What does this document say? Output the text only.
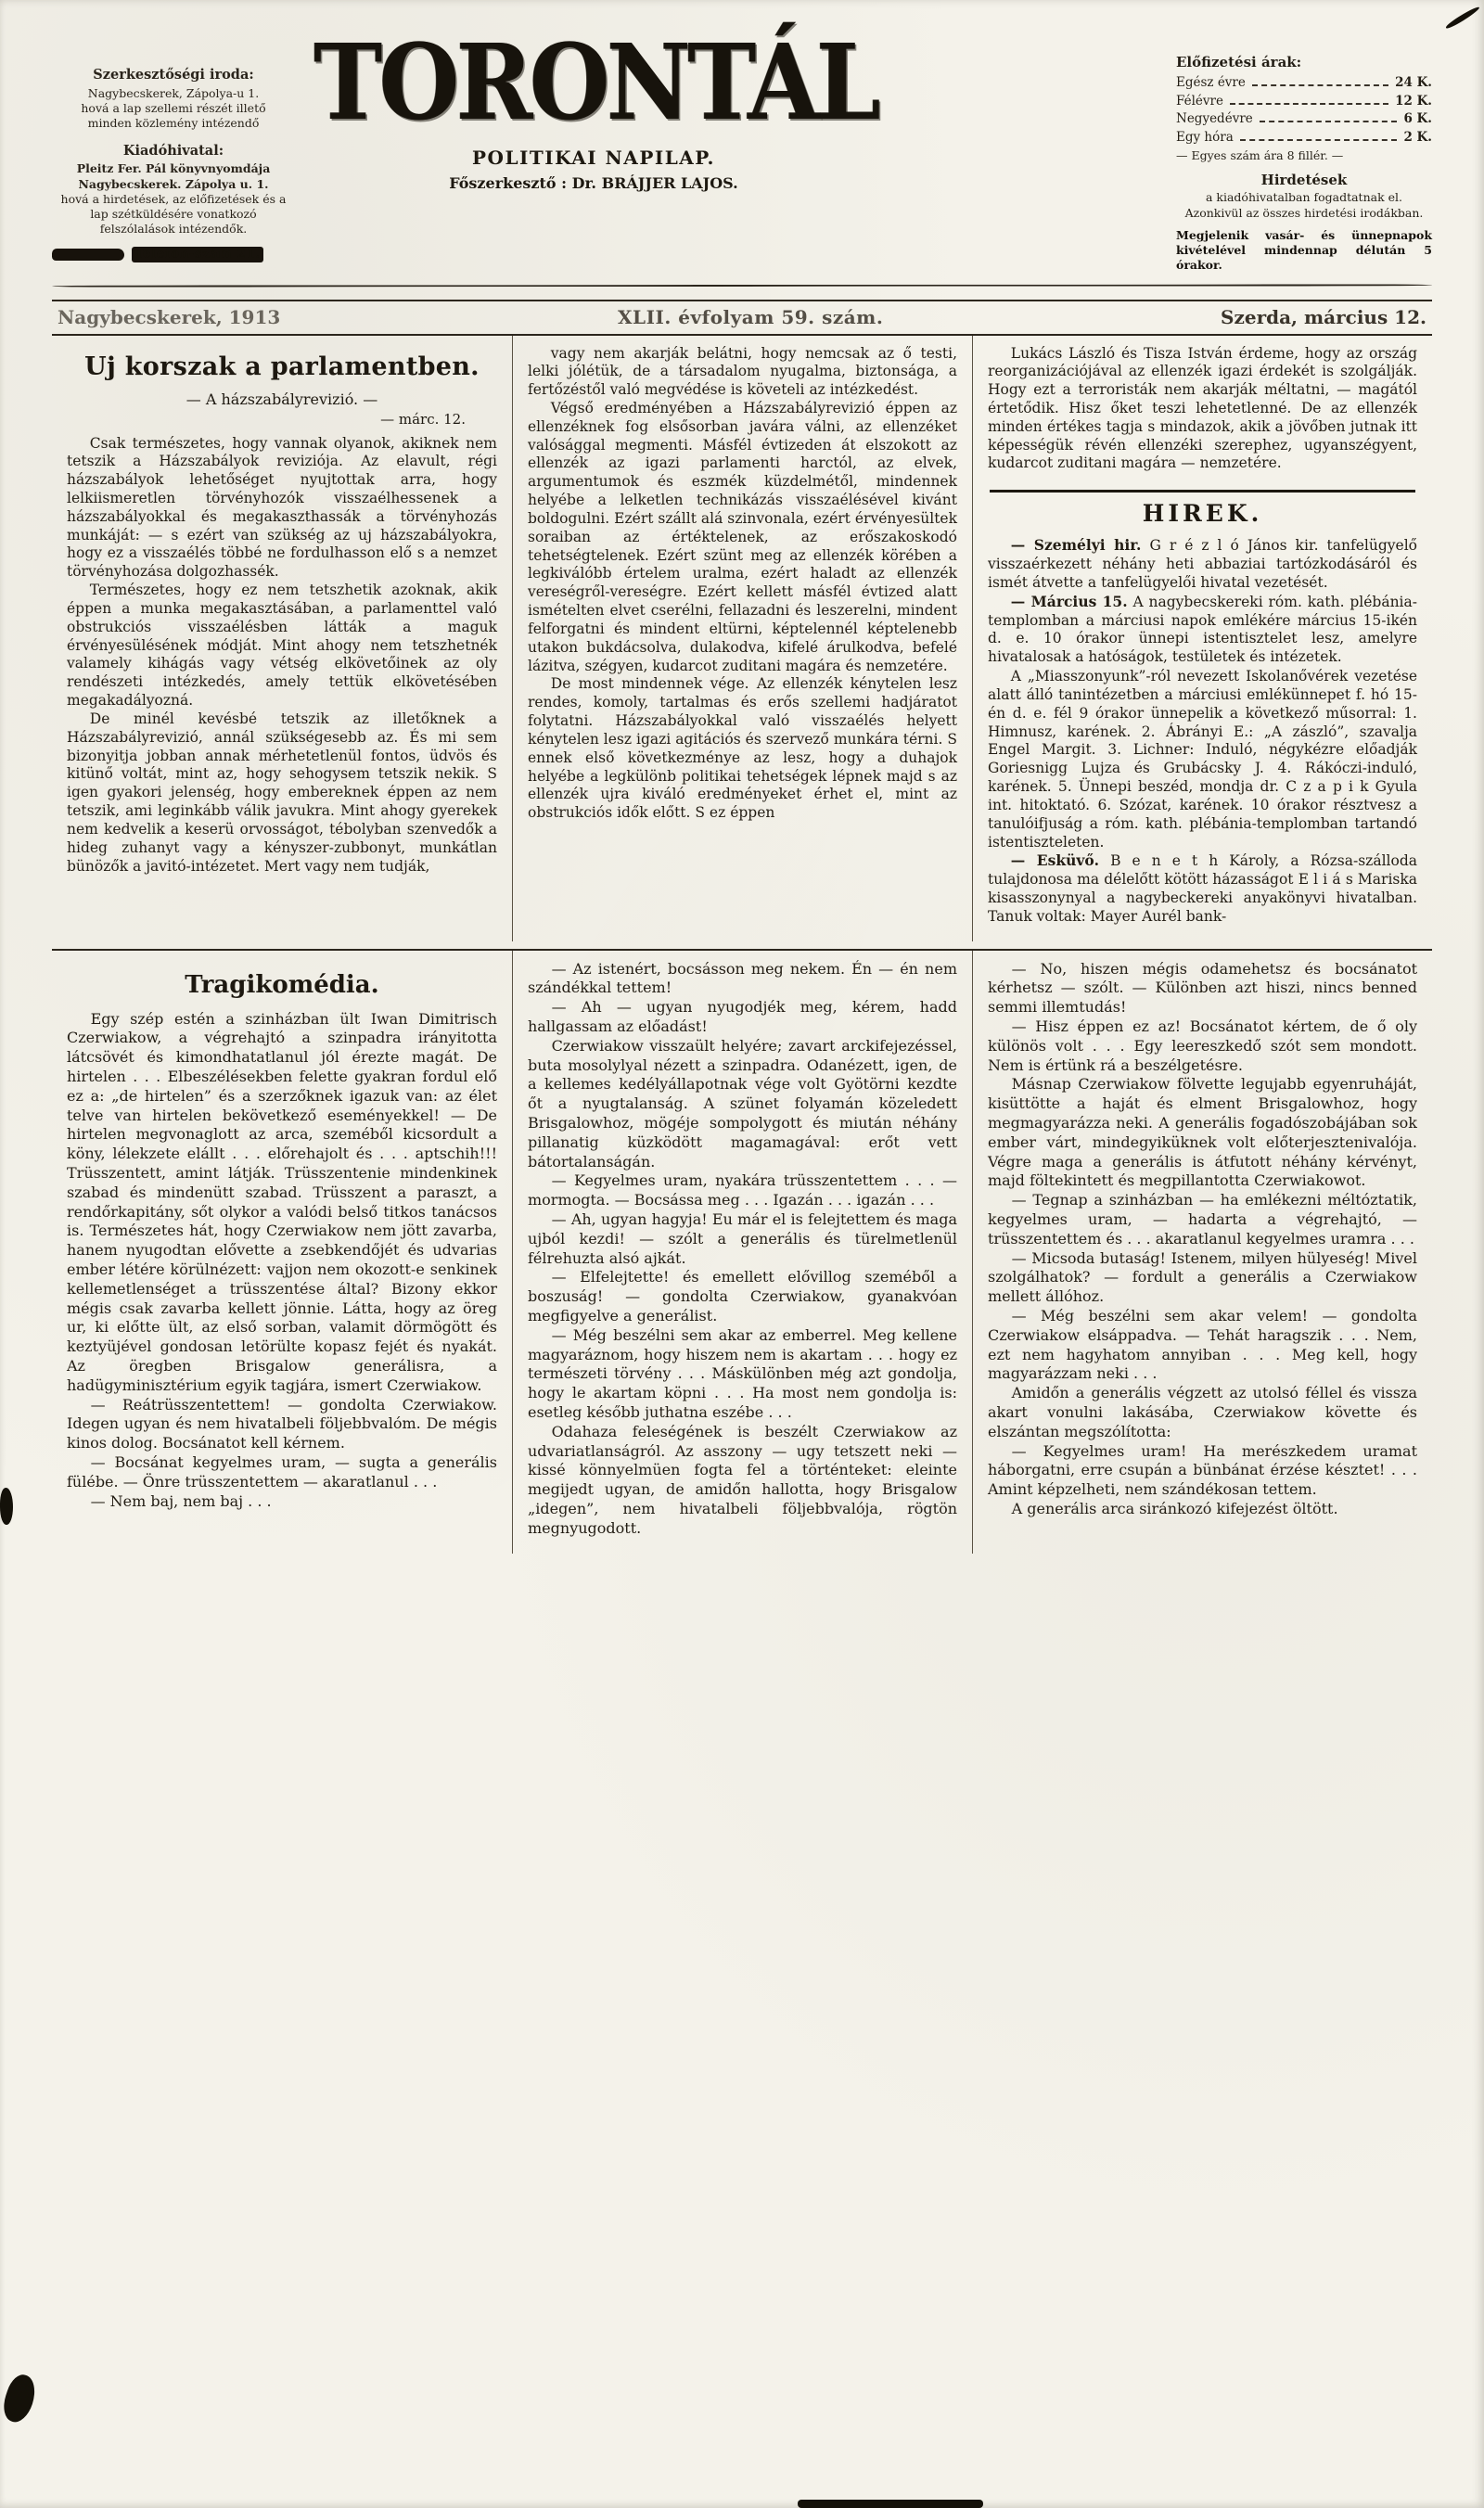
Szerkesztőségi iroda:
Nagybecskerek, Zápolya-u 1.
hová a lap szellemi részét illető
minden közlemény intézendő
Kiadóhivatal:
Pleitz Fer. Pál könyvnyomdája
Nagybecskerek. Zápolya u. 1.
hová a hirdetések, az előfizetések és a lap szétküldésére vonatkozó felszólalások intézendők.
Telefon-szám 21.
TORONTÁL
POLITIKAI NAPILAP.
Főszerkesztő : Dr. BRÁJJER LAJOS.
Előfizetési árak:
Egész évre	24 K.
Félévre	12 K.
Negyedévre	6 K.
Egy hóra	2 K.
— Egyes szám ára 8 fillér. —
Hirdetések
a kiadóhivatalban fogadtatnak el. Azonkivül az összes hirdetési irodákban.
Megjelenik vasár- és ünnepnapok kivételével mindennap délután 5 órakor.
Nagybecskerek, 1913	XLII. évfolyam 59. szám.	Szerda, március 12.
Uj korszak a parlamentben.
— A házszabályrevizió. —
— márc. 12.

Csak természetes, hogy vannak olyanok, akiknek nem tetszik a Házszabályok reviziója. Az elavult, régi házszabályok lehetőséget nyujtottak arra, hogy lelkiismeretlen törvényhozók visszaélhessenek a házszabályokkal és megakaszthassák a törvényhozás munkáját: — s ezért van szükség az uj házszabályokra, hogy ez a visszaélés többé ne fordulhasson elő s a nemzet törvényhozása dolgozhassék.

Természetes, hogy ez nem tetszhetik azoknak, akik éppen a munka megakasztásában, a parlamenttel való obstrukciós visszaélésben látták a maguk érvényesülésének módját. Mint ahogy nem tetszhetnék valamely kihágás vagy vétség elkövetőinek az oly rendészeti intézkedés, amely tettük elkövetésében megakadályozná.

De minél kevésbé tetszik az illetőknek a Házszabályrevizió, annál szükségesebb az. És mi sem bizonyitja jobban annak mérhetetlenül fontos, üdvös és kitünő voltát, mint az, hogy sehogysem tetszik nekik. S igen gyakori jelenség, hogy embereknek éppen az nem tetszik, ami leginkább válik javukra. Mint ahogy gyerekek nem kedvelik a keserü orvosságot, tébolyban szenvedők a hideg zuhanyt vagy a kényszer-zubbonyt, munkátlan bünözők a javitó-intézetet. Mert vagy nem tudják,

vagy nem akarják belátni, hogy nemcsak az ő testi, lelki jólétük, de a társadalom nyugalma, biztonsága, a fertőzéstől való megvédése is követeli az intézkedést.

Végső eredményében a Házszabályrevizió éppen az ellenzéknek fog elsősorban javára válni, az ellenzéket valósággal megmenti. Másfél évtizeden át elszokott az ellenzék az igazi parlamenti harctól, az elvek, argumentumok és eszmék küzdelmétől, mindennek helyébe a lelketlen technikázás visszaélésével kivánt boldogulni. Ezért szállt alá szinvonala, ezért érvényesültek soraiban az értéktelenek, az erőszakoskodó tehetségtelenek. Ezért szünt meg az ellenzék körében a legkiválóbb értelem uralma, ezért haladt az ellenzék vereségről-vereségre. Ezért kellett másfél évtized alatt ismételten elvet cserélni, fellazadni és leszerelni, mindent felforgatni és mindent eltürni, képtelennél képtelenebb utakon bukdácsolva, dulakodva, kifelé árulkodva, befelé lázitva, szégyen, kudarcot zuditani magára és nemzetére.

De most mindennek vége. Az ellenzék kénytelen lesz rendes, komoly, tartalmas és erős szellemi hadjáratot folytatni. Házszabályokkal való visszaélés helyett kénytelen lesz igazi agitációs és szervező munkára térni. S ennek első következménye az lesz, hogy a duhajok helyébe a legkülönb politikai tehetségek lépnek majd s az ellenzék ujra kiváló eredményeket érhet el, mint az obstrukciós idők előtt. S ez éppen

Lukács László és Tisza István érdeme, hogy az ország reorganizációjával az ellenzék igazi érdekét is szolgálják. Hogy ezt a terroristák nem akarják méltatni, — magától értetődik. Hisz őket teszi lehetetlenné. De az ellenzék minden értékes tagja s mindazok, akik a jövőben jutnak itt képességük révén ellenzéki szerephez, ugyanszégyent, kudarcot zuditani magára — nemzetére.

HIREK.

— Személyi hir. G r é z l ó János kir. tanfelügyelő visszaérkezett néhány heti abbaziai tartózkodásáról és ismét átvette a tanfelügyelői hivatal vezetését.

— Március 15. A nagybecskereki róm. kath. plébánia-templomban a márciusi napok emlékére március 15-ikén d. e. 10 órakor ünnepi istentisztelet lesz, amelyre hivatalosak a hatóságok, testületek és intézetek.

A „Miasszonyunk”-ról nevezett Iskolanővérek vezetése alatt álló tanintézetben a márciusi emlékünnepet f. hó 15-én d. e. fél 9 órakor ünnepelik a következő műsorral: 1. Himnusz, karének. 2. Ábrányi E.: „A zászló”, szavalja Engel Margit. 3. Lichner: Induló, négykézre előadják Goriesnigg Lujza és Grubácsky J. 4. Rákóczi-induló, karének. 5. Ünnepi beszéd, mondja dr. C z a p i k Gyula int. hitoktató. 6. Szózat, karének. 10 órakor résztvesz a tanulóifjuság a róm. kath. plébánia-templomban tartandó istentiszteleten.

— Esküvő. B e n e t h Károly, a Rózsa-szálloda tulajdonosa ma délelőtt kötött házasságot E l i á s Mariska kisasszonynyal a nagybeckereki anyakönyvi hivatalban. Tanuk voltak: Mayer Aurél bank-

Tragikomédia.

Egy szép estén a szinházban ült Iwan Dimitrisch Czerwiakow, a végrehajtó a szinpadra irányitotta látcsövét és kimondhatatlanul jól érezte magát. De hirtelen . . . Elbeszélésekben felette gyakran fordul elő ez a: „de hirtelen” és a szerzőknek igazuk van: az élet telve van hirtelen bekövetkező eseményekkel! — De hirtelen megvonaglott az arca, szeméből kicsordult a köny, lélekzete elállt . . . előrehajolt és . . . aptschih!!! Trüsszentett, amint látják. Trüsszentenie mindenkinek szabad és mindenütt szabad. Trüsszent a paraszt, a rendőrkapitány, sőt olykor a valódi belső titkos tanácsos is. Természetes hát, hogy Czerwiakow nem jött zavarba, hanem nyugodtan elővette a zsebkendőjét és udvarias ember létére körülnézett: vajjon nem okozott-e senkinek kellemetlenséget a trüsszentése által? Bizony ekkor mégis csak zavarba kellett jönnie. Látta, hogy az öreg ur, ki előtte ült, az első sorban, valamit dörmögött és keztyüjével gondosan letörülte kopasz fejét és nyakát. Az öregben Brisgalow generálisra, a hadügyminisztérium egyik tagjára, ismert Czerwiakow.

— Reátrüsszentettem! — gondolta Czerwiakow. Idegen ugyan és nem hivatalbeli följebbvalóm. De mégis kinos dolog. Bocsánatot kell kérnem.

— Bocsánat kegyelmes uram, — sugta a generális fülébe. — Önre trüsszentettem — akaratlanul . . .

— Nem baj, nem baj . . .

— Az istenért, bocsásson meg nekem. Én — én nem szándékkal tettem!

— Ah — ugyan nyugodjék meg, kérem, hadd hallgassam az előadást!

Czerwiakow visszaült helyére; zavart arckifejezéssel, buta mosolylyal nézett a szinpadra. Odanézett, igen, de a kellemes kedélyállapotnak vége volt Gyötörni kezdte őt a nyugtalanság. A szünet folyamán közeledett Brisgalowhoz, mögéje sompolygott és miután néhány pillanatig küzködött magamagával: erőt vett bátortalanságán.

— Kegyelmes uram, nyakára trüsszentettem . . . — mormogta. — Bocsássa meg . . . Igazán . . . igazán . . .

— Ah, ugyan hagyja! Eu már el is felejtettem és maga ujból kezdi! — szólt a generális és türelmetlenül félrehuzta alsó ajkát.

— Elfelejtette! és emellett elővillog szeméből a boszuság! — gondolta Czerwiakow, gyanakvóan megfigyelve a generálist.

— Még beszélni sem akar az emberrel. Meg kellene magyaráznom, hogy hiszem nem is akartam . . . hogy ez természeti törvény . . . Máskülönben még azt gondolja, hogy le akartam köpni . . . Ha most nem gondolja is: esetleg később juthatna eszébe . . .

Odahaza feleségének is beszélt Czerwiakow az udvariatlanságról. Az asszony — ugy tetszett neki — kissé könnyelmüen fogta fel a történteket: eleinte megijedt ugyan, de amidőn hallotta, hogy Brisgalow „idegen”, nem hivatalbeli följebbvalója, rögtön megnyugodott.

— No, hiszen mégis odamehetsz és bocsánatot kérhetsz — szólt. — Különben azt hiszi, nincs benned semmi illemtudás!

— Hisz éppen ez az! Bocsánatot kértem, de ő oly különös volt . . . Egy leereszkedő szót sem mondott. Nem is értünk rá a beszélgetésre.

Másnap Czerwiakow fölvette legujabb egyenruháját, kisüttötte a haját és elment Brisgalowhoz, hogy megmagyarázza neki. A generális fogadószobájában sok ember várt, mindegyiküknek volt előterjesztenivalója. Végre maga a generális is átfutott néhány kérvényt, majd föltekintett és megpillantotta Czerwiakowot.

— Tegnap a szinházban — ha emlékezni méltóztatik, kegyelmes uram, — hadarta a végrehajtó, — trüsszentettem és . . . akaratlanul kegyelmes uramra . . .

— Micsoda butaság! Istenem, milyen hülyeség! Mivel szolgálhatok? — fordult a generális a Czerwiakow mellett állóhoz.

— Még beszélni sem akar velem! — gondolta Czerwiakow elsáppadva. — Tehát haragszik . . . Nem, ezt nem hagyhatom annyiban . . . Meg kell, hogy magyarázzam neki . . .

Amidőn a generális végzett az utolsó féllel és vissza akart vonulni lakásába, Czerwiakow követte és elszántan megszólította:

— Kegyelmes uram! Ha merészkedem uramat háborgatni, erre csupán a bünbánat érzése késztet! . . . Amint képzelheti, nem szándékosan tettem.

A generális arca siránkozó kifejezést öltött.
